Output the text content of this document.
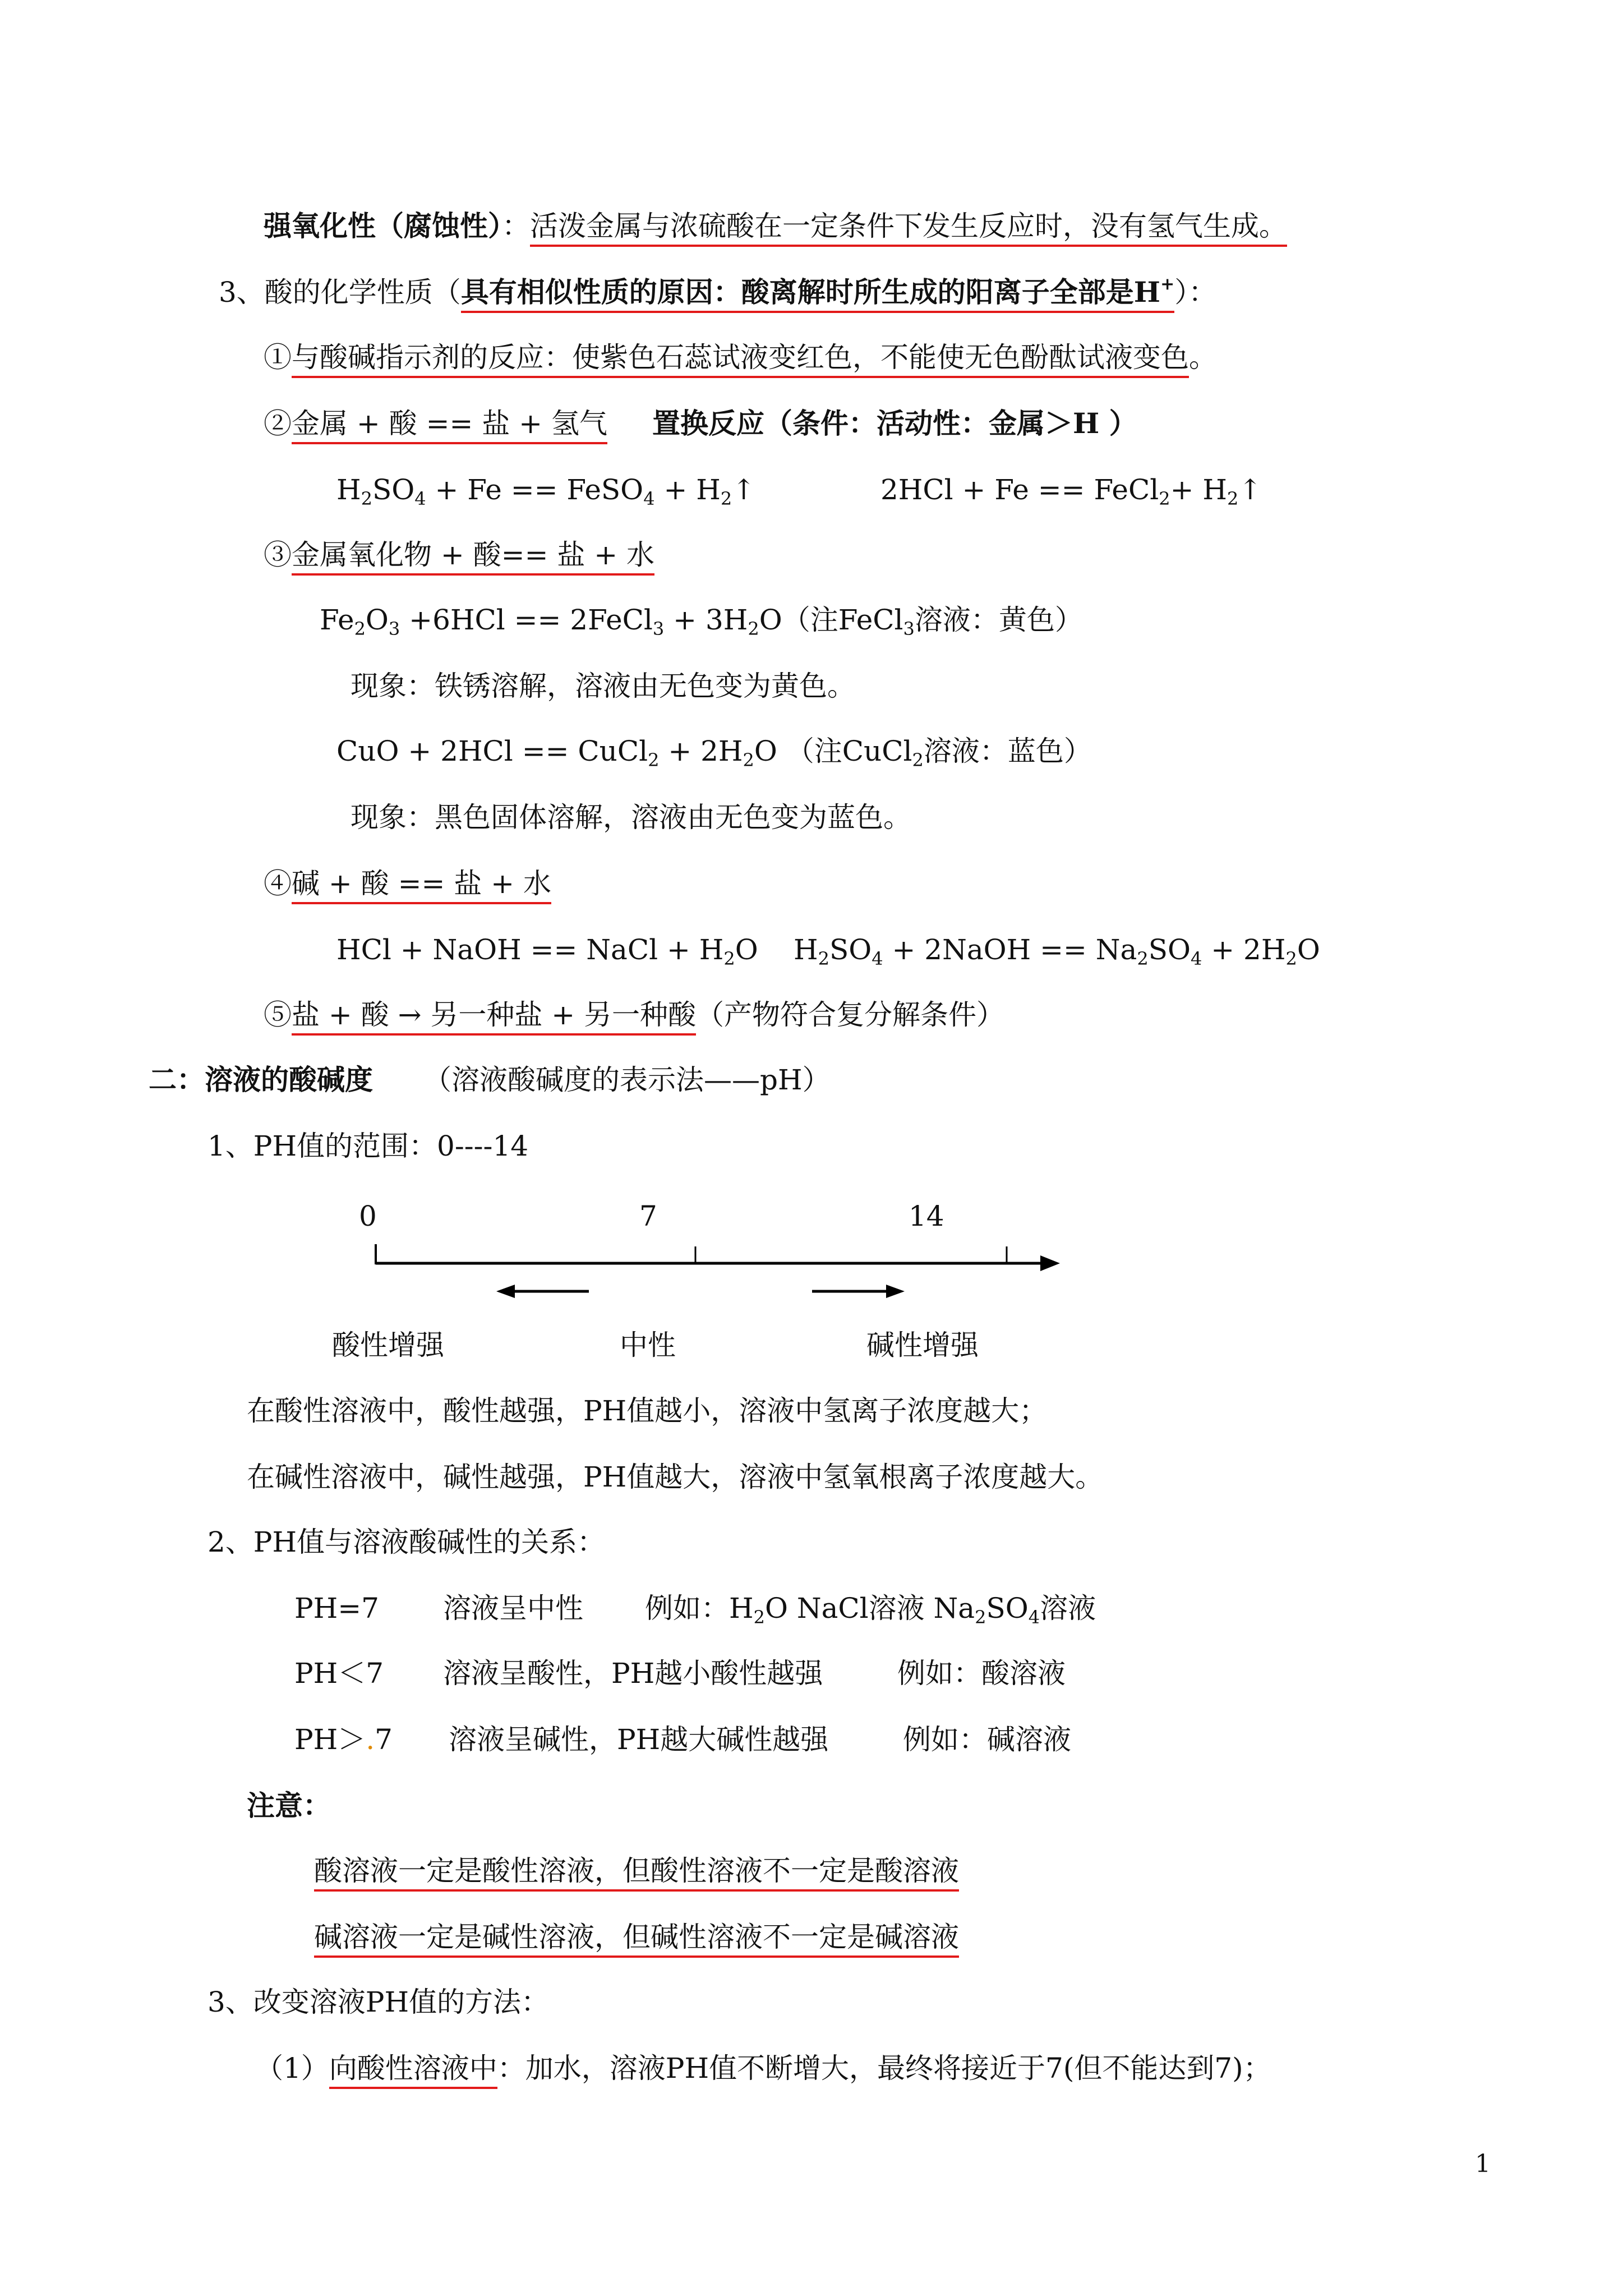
强氧化性（腐蚀性）：活泼金属与浓硫酸在一定条件下发生反应时，没有氢气生成。
3、酸的化学性质（具有相似性质的原因：酸离解时所生成的阳离子全部是H+）：
①与酸碱指示剂的反应：使紫色石蕊试液变红色，不能使无色酚酞试液变色。
②金属 + 酸 == 盐 + 氢气 置换反应（条件：活动性：金属＞H ）
$H_2SO_4 + Fe$ == FeSO$_4$ + $H_2↑$	2HCl + Fe == FeCl$_2$+ $H_2↑$
③金属氧化物 + 酸== 盐 + 水
$Fe_2O_3 +6HCl$ == 2FeCl$_3$ + $3H_2O$（注FeCl$_3$溶液：黄色）
现象：铁锈溶解，溶液由无色变为黄色。
CuO + 2HCl == CuCl$_2$ + $2H_2O$ （注CuCl$_2$溶液：蓝色）
现象：黑色固体溶解，溶液由无色变为蓝色。
④碱 + 酸 == 盐 + 水
HCl + NaOH == NaCl + $H_2O$ $H_2SO_4$ + 2NaOH == $Na_2SO_4 + 2H_2O$
⑤盐 + 酸 → 另一种盐 + 另一种酸（产物符合复分解条件）
二：溶液的酸碱度 （溶液酸碱度的表示法——pH）
1、PH值的范围：0----14
0	7	14
酸性增强	中性	碱性增强
在酸性溶液中，酸性越强，PH值越小，溶液中氢离子浓度越大；
在碱性溶液中，碱性越强，PH值越大，溶液中氢氧根离子浓度越大。
2、PH值与溶液酸碱性的关系：
PH=7 溶液呈中性 例如：$H_2O$ NaCl溶液 $Na_2SO_4$溶液
PH＜7 溶液呈酸性，PH越小酸性越强	例如：酸溶液
PH＞.7 溶液呈碱性，PH越大碱性越强	例如：碱溶液
注意：
酸溶液一定是酸性溶液，但酸性溶液不一定是酸溶液
碱溶液一定是碱性溶液，但碱性溶液不一定是碱溶液
3、改变溶液PH值的方法：
（1）向酸性溶液中：加水，溶液PH值不断增大，最终将接近于7(但不能达到7)；
1
